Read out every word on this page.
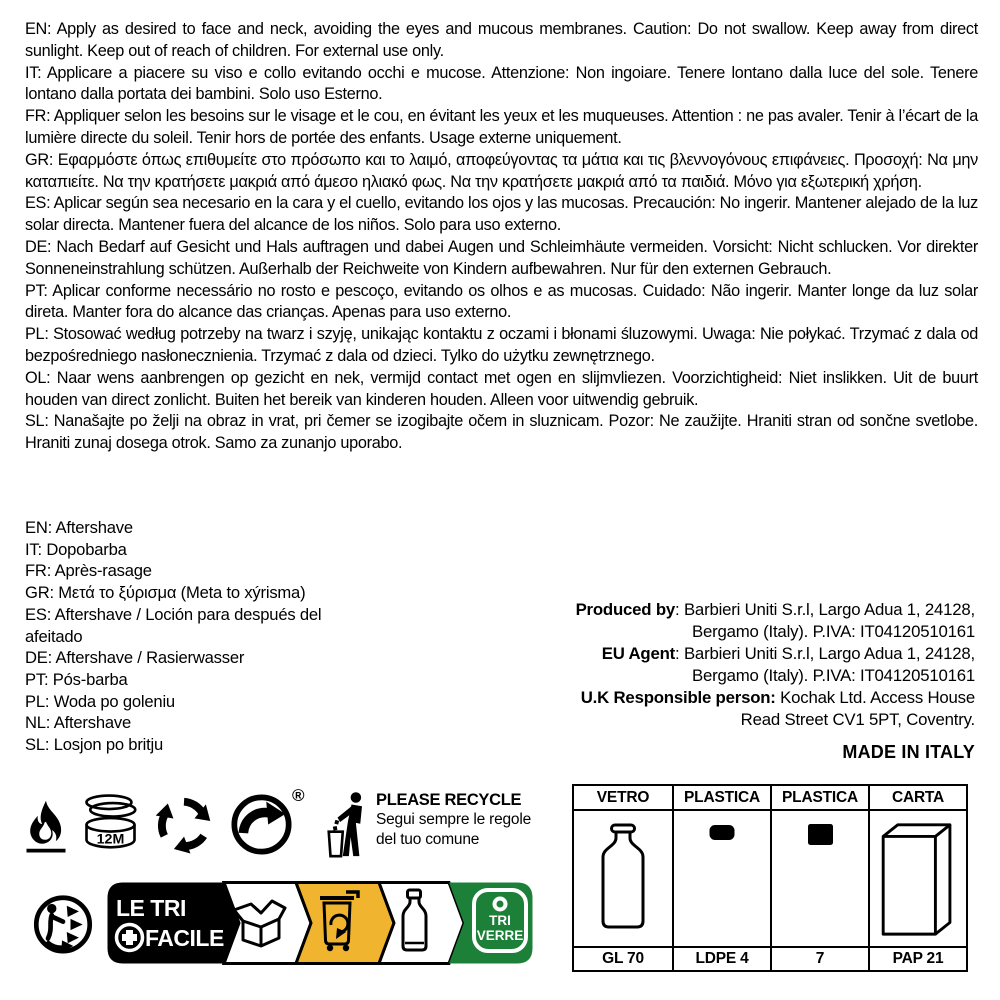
EN: Apply as desired to face and neck, avoiding the eyes and mucous membranes. Caution: Do not swallow. Keep away from direct sunlight. Keep out of reach of children. For external use only.

IT: Applicare a piacere su viso e collo evitando occhi e mucose. Attenzione: Non ingoiare. Tenere lontano dalla luce del sole. Tenere lontano dalla portata dei bambini. Solo uso Esterno.

FR: Appliquer selon les besoins sur le visage et le cou, en évitant les yeux et les muqueuses. Attention : ne pas avaler. Tenir à l’écart de la lumière directe du soleil. Tenir hors de portée des enfants. Usage externe uniquement.

GR: Εφαρμόστε όπως επιθυμείτε στο πρόσωπο και το λαιμό, αποφεύγοντας τα μάτια και τις βλεννογόνους επιφάνειες. Προσοχή: Να μην καταπιείτε. Να την κρατήσετε μακριά από άμεσο ηλιακό φως. Να την κρατήσετε μακριά από τα παιδιά. Μόνο για εξωτερική χρήση.

ES: Aplicar según sea necesario en la cara y el cuello, evitando los ojos y las mucosas. Precaución: No ingerir. Mantener alejado de la luz solar directa. Mantener fuera del alcance de los niños. Solo para uso externo.

DE: Nach Bedarf auf Gesicht und Hals auftragen und dabei Augen und Schleimhäute vermeiden. Vorsicht: Nicht schlucken. Vor direkter Sonneneinstrahlung schützen. Außerhalb der Reichweite von Kindern aufbewahren. Nur für den externen Gebrauch.

PT: Aplicar conforme necessário no rosto e pescoço, evitando os olhos e as mucosas. Cuidado: Não ingerir. Manter longe da luz solar direta. Manter fora do alcance das crianças. Apenas para uso externo.

PL: Stosować według potrzeby na twarz i szyję, unikając kontaktu z oczami i błonami śluzowymi. Uwaga: Nie połykać. Trzymać z dala od bezpośredniego nasłonecznienia. Trzymać z dala od dzieci. Tylko do użytku zewnętrznego.

OL: Naar wens aanbrengen op gezicht en nek, vermijd contact met ogen en slijmvliezen. Voorzichtigheid: Niet inslikken. Uit de buurt houden van direct zonlicht. Buiten het bereik van kinderen houden. Alleen voor uitwendig gebruik.

SL: Nanašajte po želji na obraz in vrat, pri čemer se izogibajte očem in sluznicam. Pozor: Ne zaužijte. Hraniti stran od sončne svetlobe. Hraniti zunaj dosega otrok. Samo za zunanjo uporabo.

EN: Aftershave

IT: Dopobarba

FR: Après-rasage

GR: Μετά το ξύρισμα (Meta to xýrisma)

ES: Aftershave / Loción para después del afeitado

DE: Aftershave / Rasierwasser

PT: Pós-barba

PL: Woda po goleniu

NL: Aftershave

SL: Losjon po britju

Produced by: Barbieri Uniti S.r.l, Largo Adua 1, 24128,
Bergamo (Italy). P.IVA: IT04120510161
EU Agent: Barbieri Uniti S.r.l, Largo Adua 1, 24128,
Bergamo (Italy). P.IVA: IT04120510161
U.K Responsible person: Kochak Ltd. Access House
Read Street CV1 5PT, Coventry.
MADE IN ITALY
12M
®	PLEASE RECYCLE
Segui sempre le regole
del tuo comune
LE TRI
FACILE
TRI
VERRE
VETRO	PLASTICA	PLASTICA	CARTA
GL 70	LDPE 4	7	PAP 21
